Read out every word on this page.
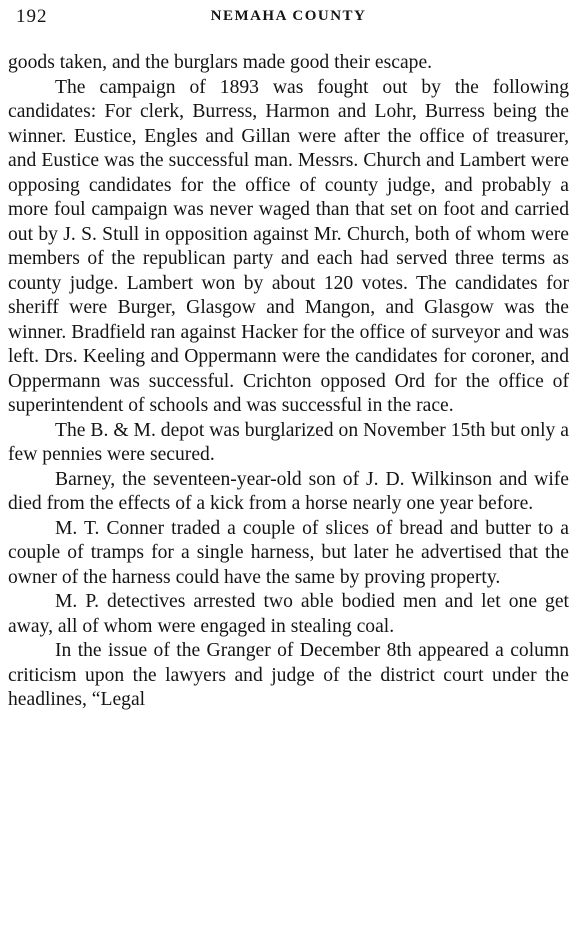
192	NEMAHA COUNTY

goods taken, and the burglars made good their escape.

The campaign of 1893 was fought out by the following candidates: For clerk, Burress, Harmon and Lohr, Burress being the winner. Eustice, Engles and Gillan were after the office of treasurer, and Eustice was the successful man. Messrs. Church and Lambert were opposing candidates for the office of county judge, and probably a more foul campaign was never waged than that set on foot and carried out by J. S. Stull in opposition against Mr. Church, both of whom were members of the republican party and each had served three terms as county judge. Lambert won by about 120 votes. The candidates for sheriff were Burger, Glasgow and Mangon, and Glasgow was the winner. Bradfield ran against Hacker for the office of surveyor and was left. Drs. Keeling and Oppermann were the candidates for coroner, and Oppermann was successful. Crichton opposed Ord for the office of superintendent of schools and was successful in the race.

The B. & M. depot was burglarized on November 15th but only a few pennies were secured.

Barney, the seventeen-year-old son of J. D. Wilkinson and wife died from the effects of a kick from a horse nearly one year before.

M. T. Conner traded a couple of slices of bread and butter to a couple of tramps for a single harness, but later he advertised that the owner of the harness could have the same by proving property.

M. P. detectives arrested two able bodied men and let one get away, all of whom were engaged in stealing coal.

In the issue of the Granger of December 8th appeared a column criticism upon the lawyers and judge of the district court under the headlines, “Legal
